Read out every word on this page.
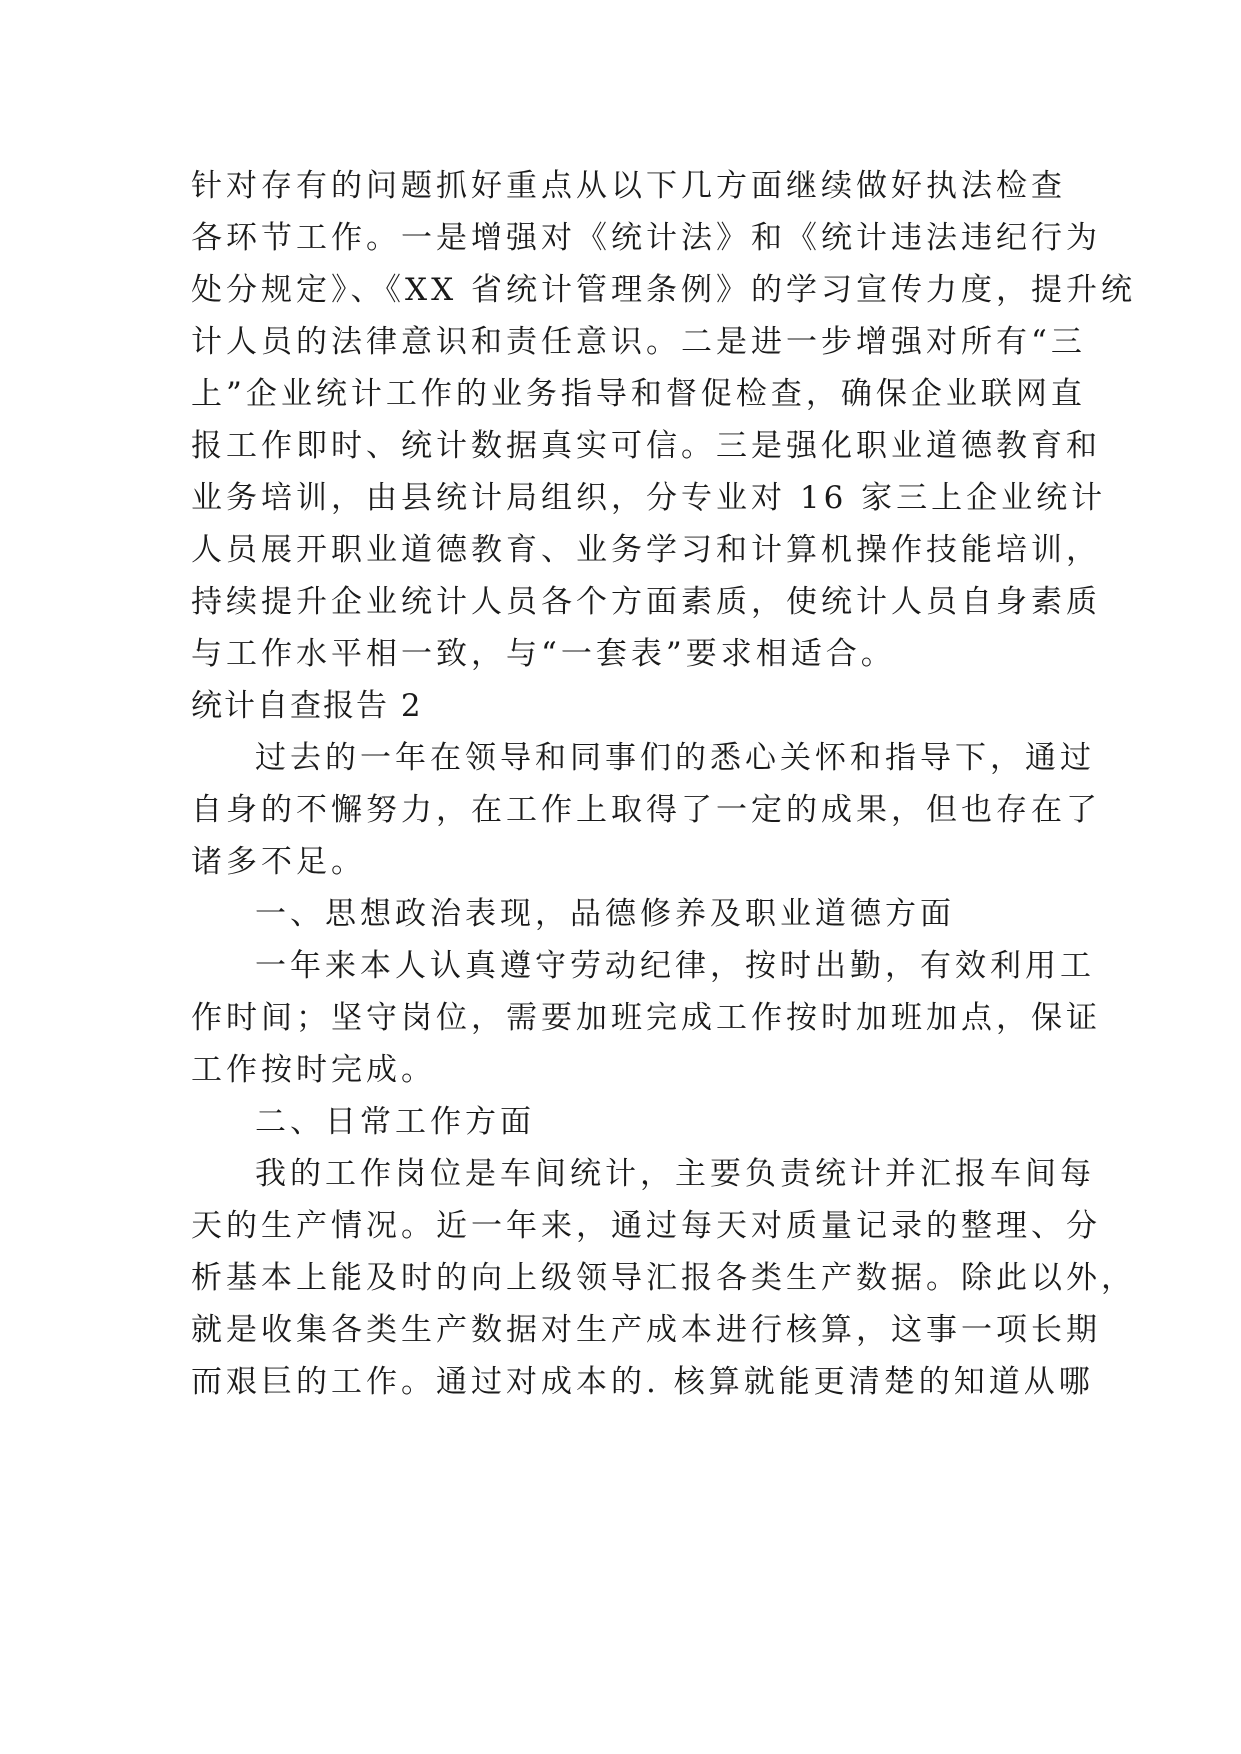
针对存有的问题抓好重点从以下几方面继续做好执法检查
各环节工作。一是增强对《统计法》和《统计违法违纪行为
处分规定》、《XX 省统计管理条例》的学习宣传力度，提升统
计人员的法律意识和责任意识。二是进一步增强对所有“三
上”企业统计工作的业务指导和督促检查，确保企业联网直
报工作即时、统计数据真实可信。三是强化职业道德教育和
业务培训，由县统计局组织，分专业对 16 家三上企业统计
人员展开职业道德教育、业务学习和计算机操作技能培训，
持续提升企业统计人员各个方面素质，使统计人员自身素质
与工作水平相一致，与“一套表”要求相适合。
统计自查报告 2
过去的一年在领导和同事们的悉心关怀和指导下，通过
自身的不懈努力，在工作上取得了一定的成果，但也存在了
诸多不足。
一、思想政治表现，品德修养及职业道德方面
一年来本人认真遵守劳动纪律，按时出勤，有效利用工
作时间；坚守岗位，需要加班完成工作按时加班加点，保证
工作按时完成。
二、日常工作方面
我的工作岗位是车间统计，主要负责统计并汇报车间每
天的生产情况。近一年来，通过每天对质量记录的整理、分
析基本上能及时的向上级领导汇报各类生产数据。除此以外，
就是收集各类生产数据对生产成本进行核算，这事一项长期
而艰巨的工作。通过对成本的. 核算就能更清楚的知道从哪
